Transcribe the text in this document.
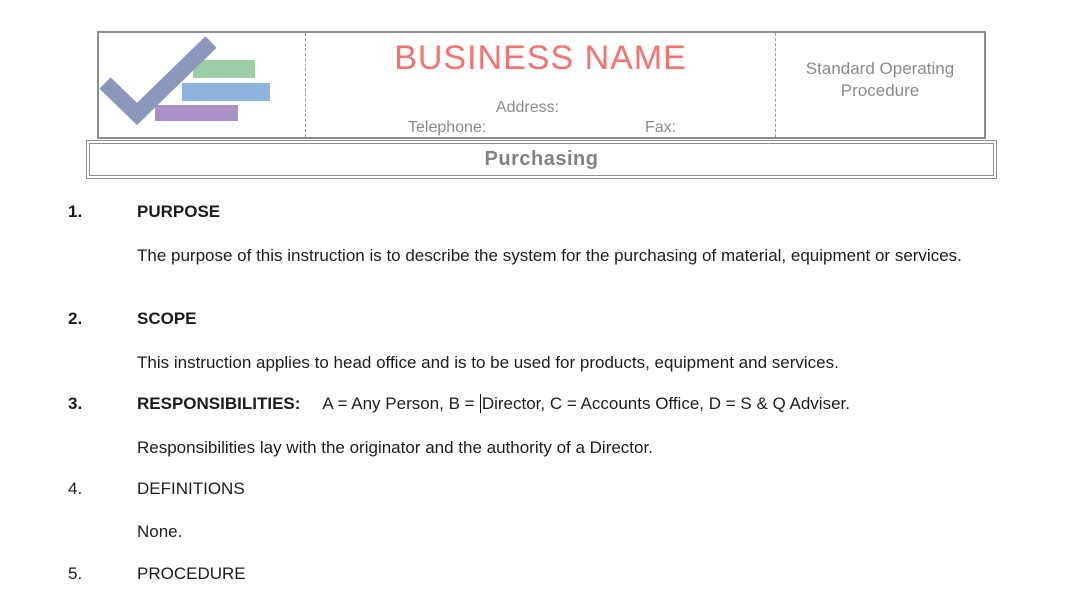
BUSINESS NAME
Address:
Telephone:	Fax:
Standard Operating Procedure
Purchasing
1.	PURPOSE
The purpose of this instruction is to describe the system for the purchasing of material, equipment or services.
2.	SCOPE
This instruction applies to head office and is to be used for products, equipment and services.
3.	RESPONSIBILITIES: A = Any Person, B = Director, C = Accounts Office, D = S & Q Adviser.
Responsibilities lay with the originator and the authority of a Director.
4.	DEFINITIONS
None.
5.	PROCEDURE
